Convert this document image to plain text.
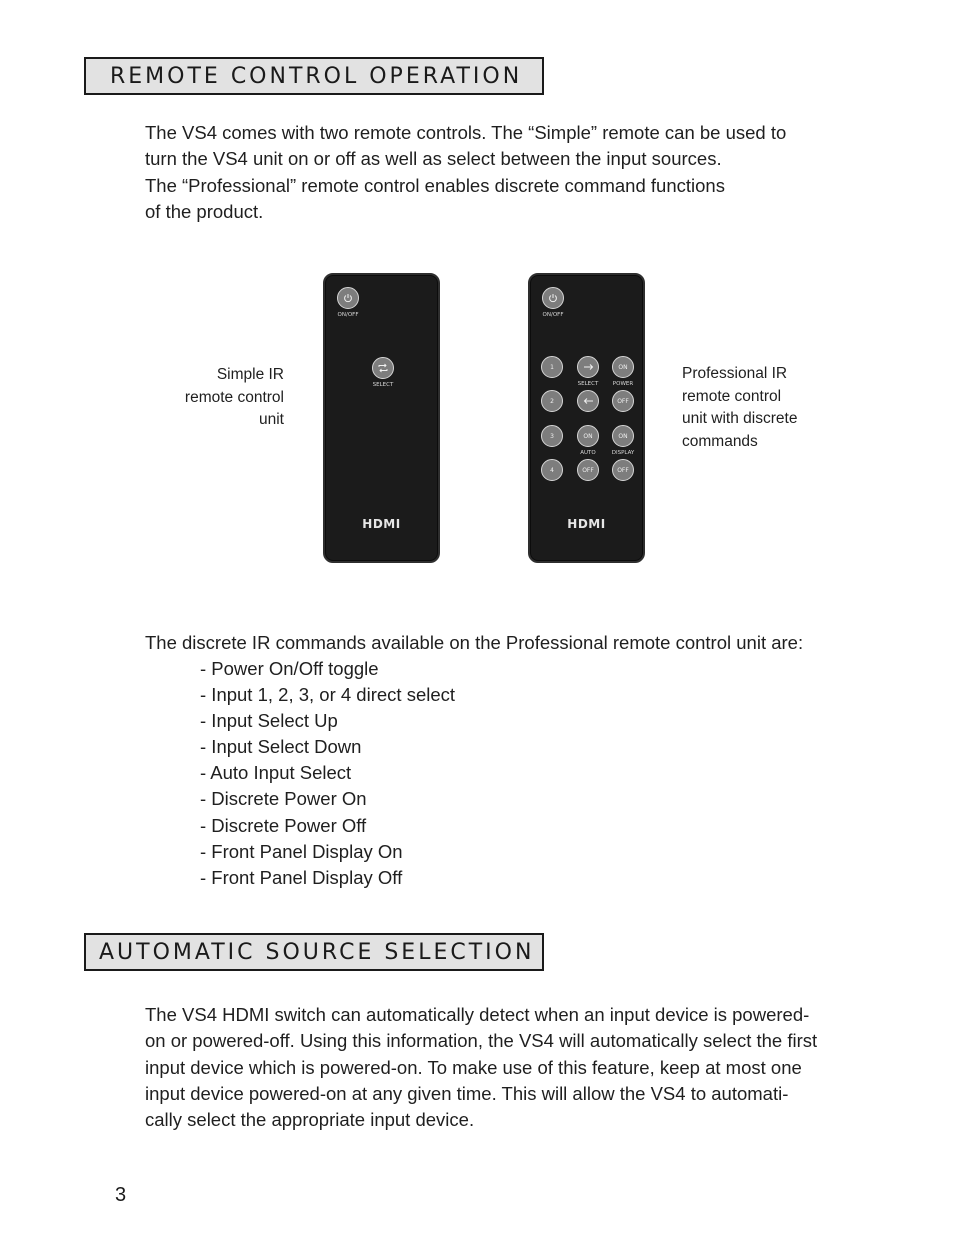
REMOTE CONTROL OPERATION

The VS4 comes with two remote controls. The “Simple” remote can be used to
turn the VS4 unit on or off as well as select between the input sources.
The “Professional” remote control enables discrete command functions
of the product.

Simple IR
remote control
unit
Professional IR
remote control
unit with discrete
commands
ON/OFF
SELECT
HDMI
ON/OFF
1
2
3
4
SELECT
ON
AUTO
OFF
ON
POWER
OFF
ON
DISPLAY
OFF
HDMI

The discrete IR commands available on the Professional remote control unit are:

- Power On/Off toggle
- Input 1, 2, 3, or 4 direct select
- Input Select Up
- Input Select Down
- Auto Input Select
- Discrete Power On
- Discrete Power Off
- Front Panel Display On
- Front Panel Display Off
AUTOMATIC SOURCE SELECTION

The VS4 HDMI switch can automatically detect when an input device is powered-
on or powered-off. Using this information, the VS4 will automatically select the first
input device which is powered-on. To make use of this feature, keep at most one
input device powered-on at any given time. This will allow the VS4 to automati-
cally select the appropriate input device.

3
